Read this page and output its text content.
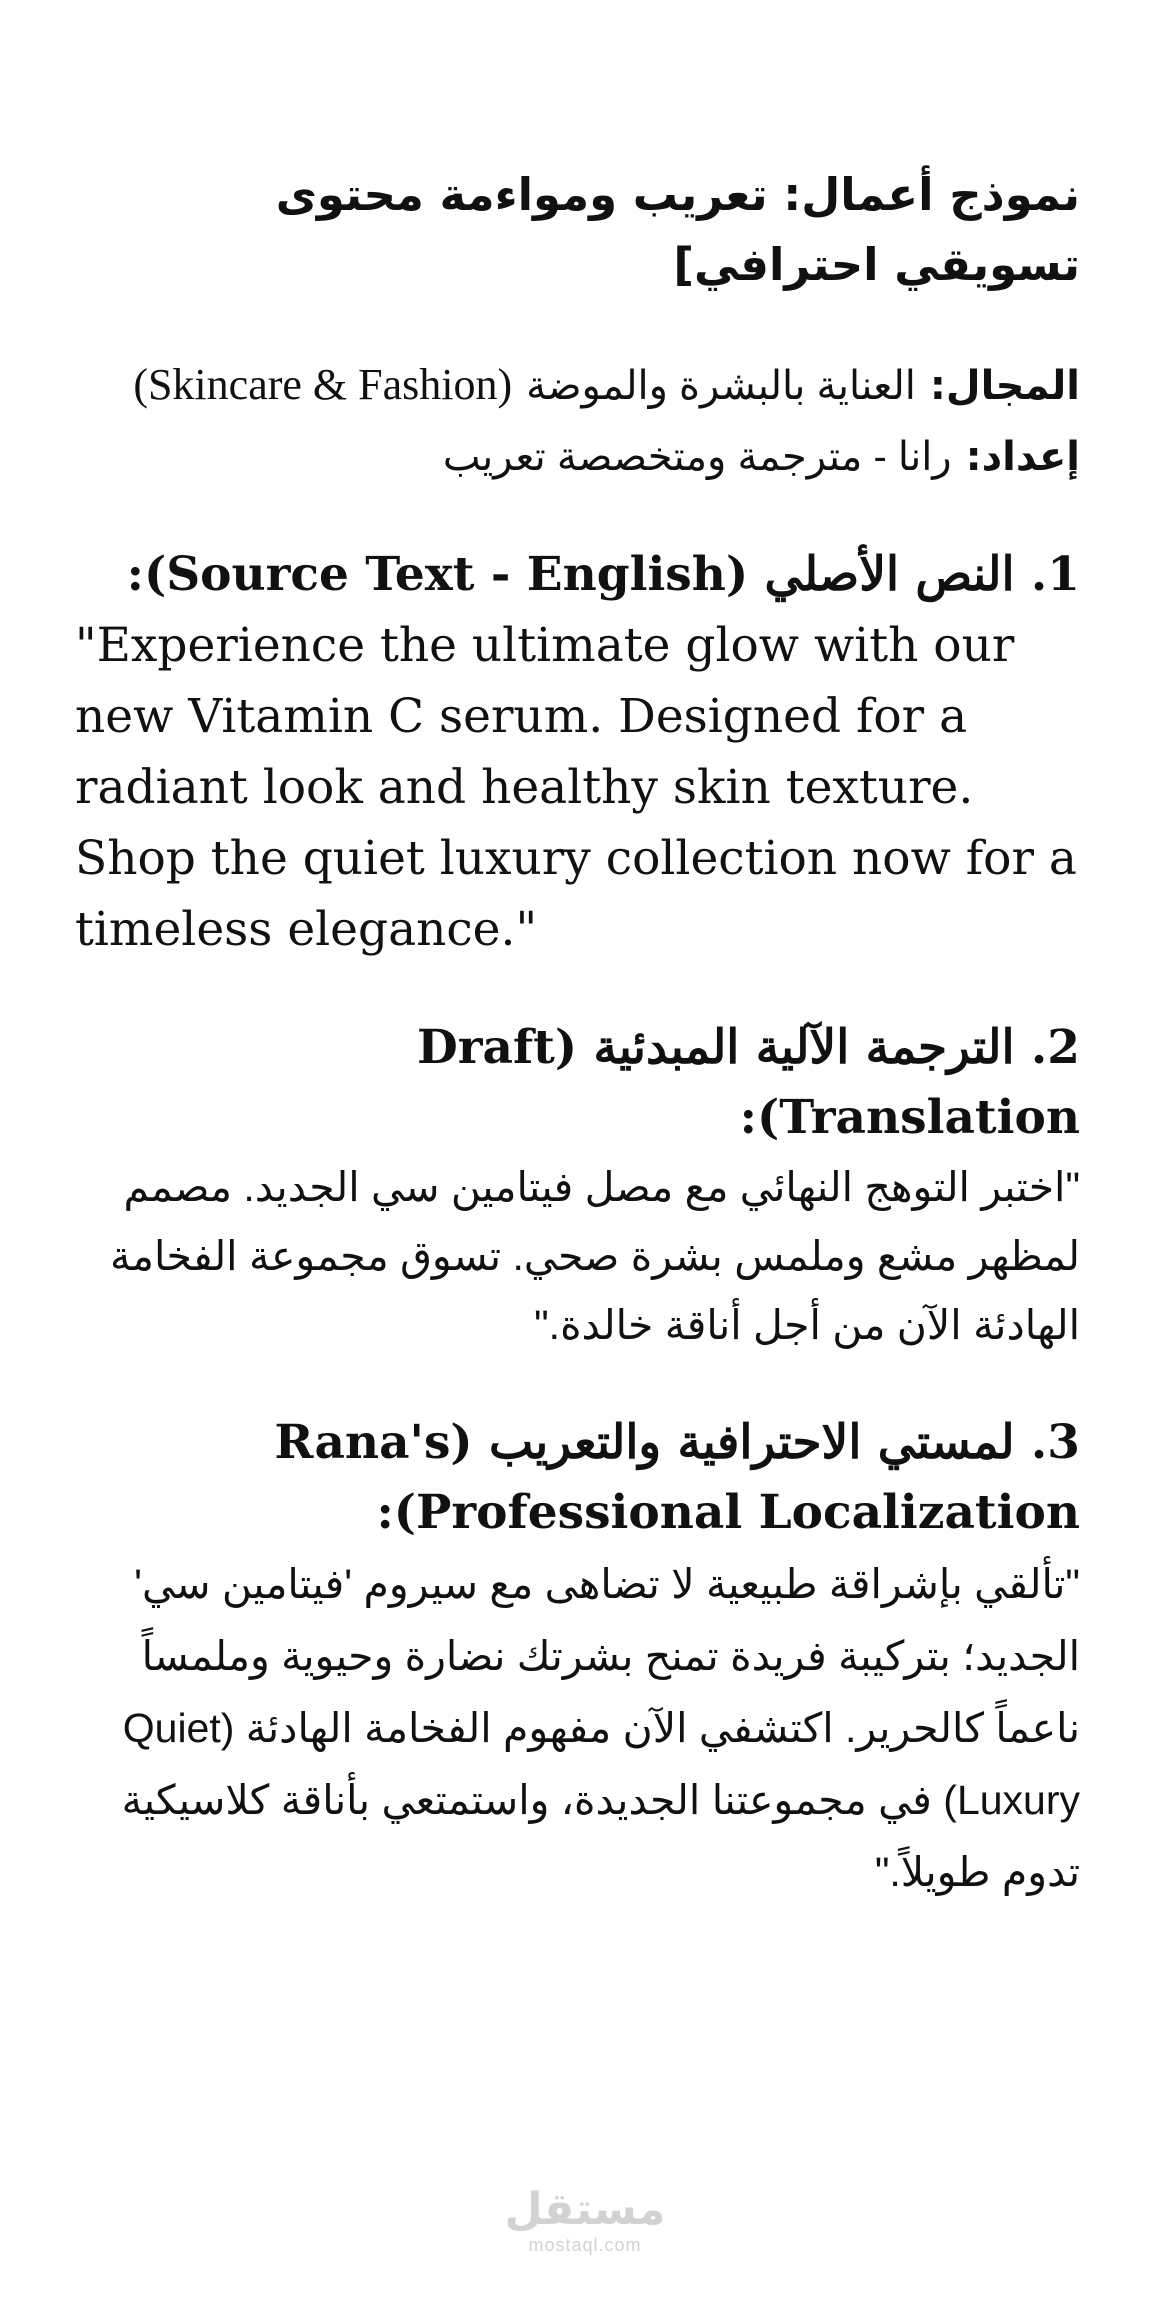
نموذج أعمال: تعريب ومواءمة محتوى تسويقي احترافي]
المجال: العناية بالبشرة والموضة (Skincare & Fashion)
إعداد: رانا - مترجمة ومتخصصة تعريب
1. النص الأصلي (Source Text - English):

"Experience the ultimate glow with our new Vitamin C serum. Designed for a radiant look and healthy skin texture. Shop the quiet luxury collection now for a timeless elegance."

2. الترجمة الآلية المبدئية (Draft Translation):

"اختبر التوهج النهائي مع مصل فيتامين سي الجديد. مصمم لمظهر مشع وملمس بشرة صحي. تسوق مجموعة الفخامة الهادئة الآن من أجل أناقة خالدة."

3. لمستي الاحترافية والتعريب (Rana's Professional Localization):

"تألقي بإشراقة طبيعية لا تضاهى مع سيروم 'فيتامين سي' الجديد؛ بتركيبة فريدة تمنح بشرتك نضارة وحيوية وملمساً ناعماً كالحرير. اكتشفي الآن مفهوم الفخامة الهادئة (Quiet Luxury) في مجموعتنا الجديدة، واستمتعي بأناقة كلاسيكية تدوم طويلاً."

مستقل
mostaql.com
